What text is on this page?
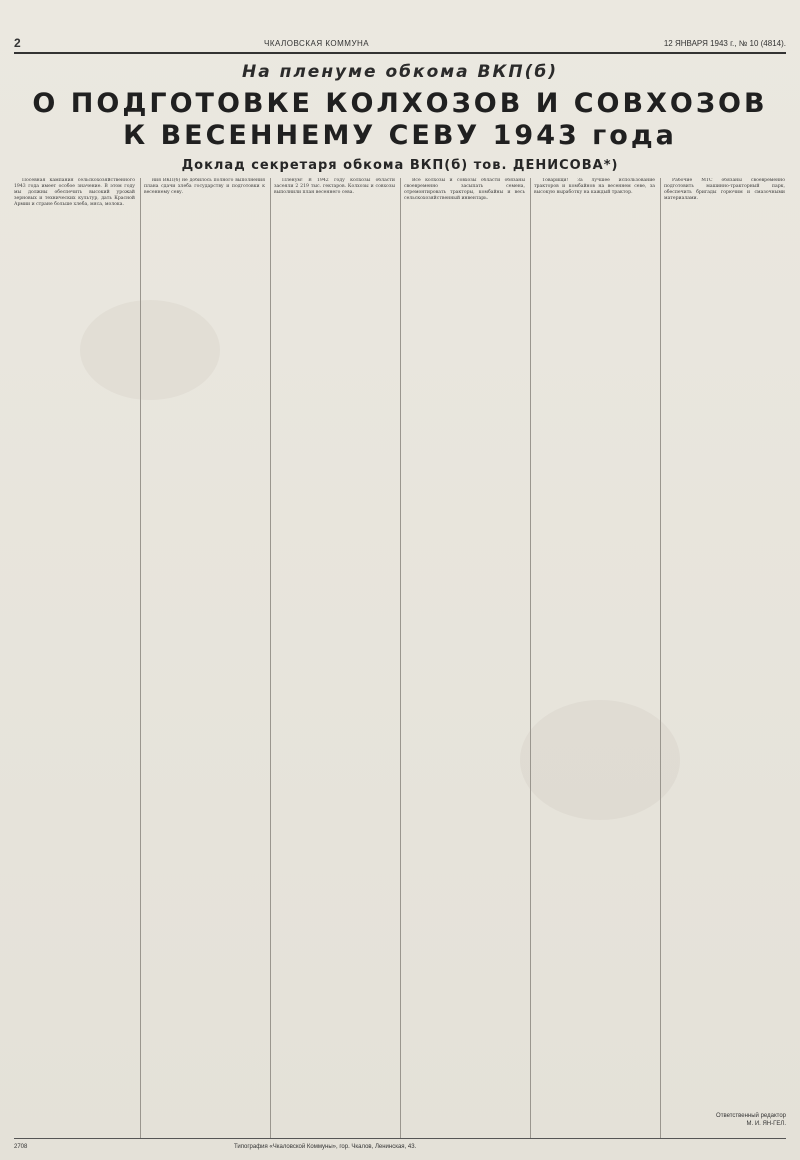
2	ЧКАЛОВСКАЯ КОММУНА	12 ЯНВАРЯ 1943 г., № 10 (4814).
На пленуме обкома ВКП(б)
О ПОДГОТОВКЕ КОЛХОЗОВ И СОВХОЗОВ
К ВЕСЕННЕМУ СЕВУ 1943 года
Доклад секретаря обкома ВКП(б) тов. ДЕНИСОВА*)

Посевная кампания сельскохозяйственного 1943 года имеет особое значение. В этом году мы должны обеспечить высокий урожай зерновых и технических культур, дать Красной Армии и стране больше хлеба, мяса, молока.

ния ВКП(б) не добилось полного выполнения плана сдачи хлеба государству и подготовки к весеннему севу.

Пленум! В 1942 году колхозы области засеяли 2 219 тыс. гектаров. Колхозы и совхозы выполнили план весеннего сева.

Все колхозы и совхозы области обязаны своевременно засыпать семена, отремонтировать тракторы, комбайны и весь сельскохозяйственный инвентарь.

Товарищи! За лучшее использование тракторов и комбайнов на весеннем севе, за высокую выработку на каждый трактор.

Рабочие МТС обязаны своевременно подготовить машинно-тракторный парк, обеспечить бригады горючим и смазочными материалами.

Ответственный редактор
М. И. ЯН-ГЕЛ.
2708	Типография «Чкаловской Коммуны», гор. Чкалов, Ленинская, 43.
